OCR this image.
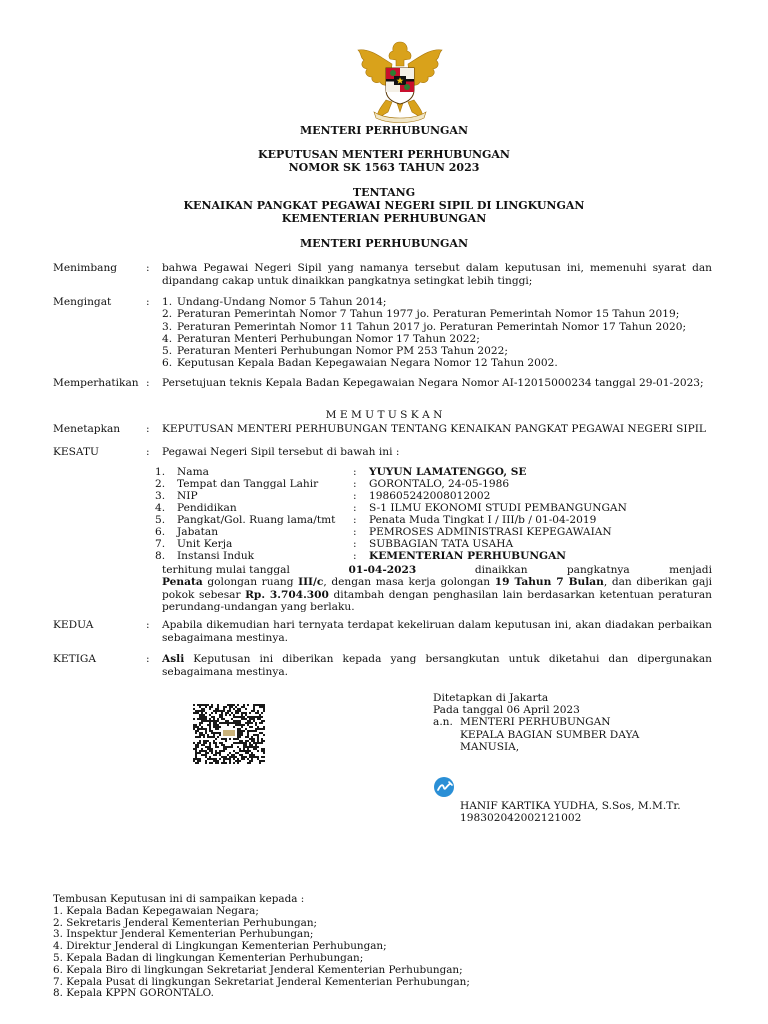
MENTERI PERHUBUNGAN
KEPUTUSAN MENTERI PERHUBUNGAN
NOMOR SK 1563 TAHUN 2023
TENTANG
KENAIKAN PANGKAT PEGAWAI NEGERI SIPIL DI LINGKUNGAN
KEMENTERIAN PERHUBUNGAN
MENTERI PERHUBUNGAN
Menimbang	: bahwa Pegawai Negeri Sipil yang namanya tersebut dalam keputusan ini, memenuhi syarat dan dipandang cakap untuk dinaikkan pangkatnya setingkat lebih tinggi;
Mengingat	: 1. Undang-Undang Nomor 5 Tahun 2014;
2. Peraturan Pemerintah Nomor 7 Tahun 1977 jo. Peraturan Pemerintah Nomor 15 Tahun 2019;
3. Peraturan Pemerintah Nomor 11 Tahun 2017 jo. Peraturan Pemerintah Nomor 17 Tahun 2020;
4. Peraturan Menteri Perhubungan Nomor 17 Tahun 2022;
5. Peraturan Menteri Perhubungan Nomor PM 253 Tahun 2022;
6. Keputusan Kepala Badan Kepegawaian Negara Nomor 12 Tahun 2002.
Memperhatikan : Persetujuan teknis Kepala Badan Kepegawaian Negara Nomor AI-12015000234 tanggal 29-01-2023;
M E M U T U S K A N
Menetapkan : KEPUTUSAN MENTERI PERHUBUNGAN TENTANG KENAIKAN PANGKAT PEGAWAI NEGERI SIPIL
KESATU	: Pegawai Negeri Sipil tersebut di bawah ini :
1. Nama	: YUYUN LAMATENGGO, SE
2. Tempat dan Tanggal Lahir	: GORONTALO, 24-05-1986
3. NIP	: 198605242008012002
4. Pendidikan	: S-1 ILMU EKONOMI STUDI PEMBANGUNGAN
5. Pangkat/Gol. Ruang lama/tmt : Penata Muda Tingkat I / III/b / 01-04-2019
6. Jabatan	: PEMROSES ADMINISTRASI KEPEGAWAIAN
7. Unit Kerja	: SUBBAGIAN TATA USAHA
8. Instansi Induk	: KEMENTERIAN PERHUBUNGAN
terhitung mulai tanggal	01-04-2023	dinaikkan pangkatnya menjadi
Penata golongan ruang III/c, dengan masa kerja golongan 19 Tahun 7 Bulan, dan diberikan gaji pokok sebesar Rp. 3.704.300 ditambah dengan penghasilan lain berdasarkan ketentuan peraturan perundang-undangan yang berlaku.
KEDUA	: Apabila dikemudian hari ternyata terdapat kekeliruan dalam keputusan ini, akan diadakan perbaikan sebagaimana mestinya.
KETIGA	: Asli Keputusan ini diberikan kepada yang bersangkutan untuk diketahui dan dipergunakan sebagaimana mestinya.
Ditetapkan di Jakarta
Pada tanggal 06 April 2023
a.n. MENTERI PERHUBUNGAN
KEPALA BAGIAN SUMBER DAYA
MANUSIA,
HANIF KARTIKA YUDHA, S.Sos, M.M.Tr.
198302042002121002
Tembusan Keputusan ini di sampaikan kepada :
1. Kepala Badan Kepegawaian Negara;
2. Sekretaris Jenderal Kementerian Perhubungan;
3. Inspektur Jenderal Kementerian Perhubungan;
4. Direktur Jenderal di Lingkungan Kementerian Perhubungan;
5. Kepala Badan di lingkungan Kementerian Perhubungan;
6. Kepala Biro di lingkungan Sekretariat Jenderal Kementerian Perhubungan;
7. Kepala Pusat di lingkungan Sekretariat Jenderal Kementerian Perhubungan;
8. Kepala KPPN GORONTALO.
